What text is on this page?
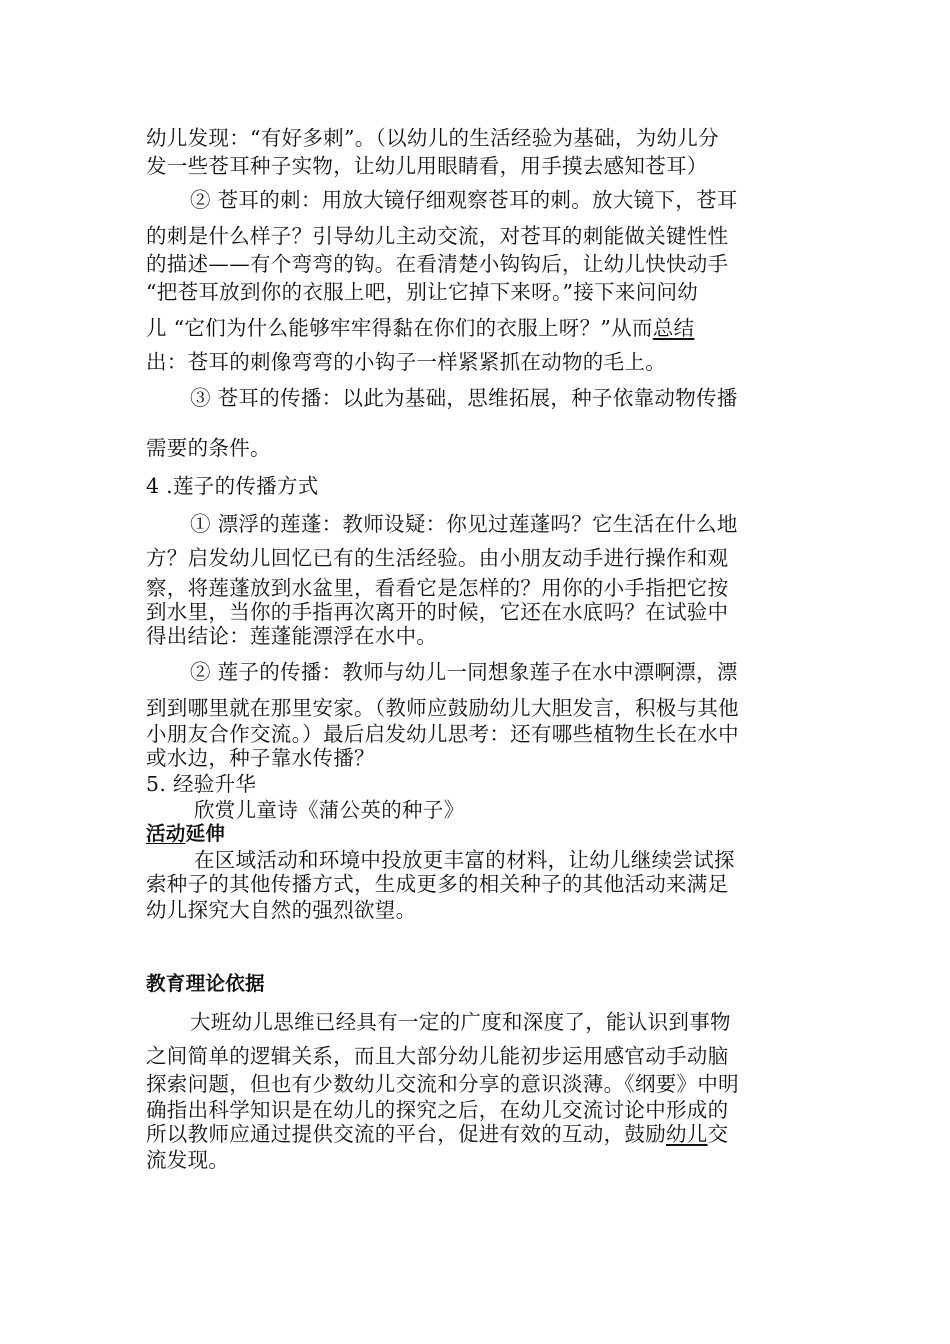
幼儿发现：“有好多刺”。（以幼儿的生活经验为基础，为幼儿分
发一些苍耳种子实物，让幼儿用眼睛看，用手摸去感知苍耳）
② 苍耳的刺：用放大镜仔细观察苍耳的刺。放大镜下，苍耳
的刺是什么样子？引导幼儿主动交流，对苍耳的刺能做关键性性
的描述——有个弯弯的钩。在看清楚小钩钩后，让幼儿快快动手
“把苍耳放到你的衣服上吧，别让它掉下来呀。”接下来问问幼
儿 “它们为什么能够牢牢得黏在你们的衣服上呀？”从而总结
出：苍耳的刺像弯弯的小钩子一样紧紧抓在动物的毛上。
③ 苍耳的传播：以此为基础，思维拓展，种子依靠动物传播
需要的条件。
4 .莲子的传播方式
① 漂浮的莲蓬：教师设疑：你见过莲蓬吗？它生活在什么地
方？启发幼儿回忆已有的生活经验。由小朋友动手进行操作和观
察，将莲蓬放到水盆里，看看它是怎样的？用你的小手指把它按
到水里，当你的手指再次离开的时候，它还在水底吗？在试验中
得出结论：莲蓬能漂浮在水中。
② 莲子的传播：教师与幼儿一同想象莲子在水中漂啊漂，漂
到到哪里就在那里安家。（教师应鼓励幼儿大胆发言，积极与其他
小朋友合作交流。）最后启发幼儿思考：还有哪些植物生长在水中
或水边，种子靠水传播？
5. 经验升华
欣赏儿童诗《蒲公英的种子》
活动延伸
在区域活动和环境中投放更丰富的材料，让幼儿继续尝试探
索种子的其他传播方式，生成更多的相关种子的其他活动来满足
幼儿探究大自然的强烈欲望。
教育理论依据
大班幼儿思维已经具有一定的广度和深度了，能认识到事物
之间简单的逻辑关系，而且大部分幼儿能初步运用感官动手动脑
探索问题，但也有少数幼儿交流和分享的意识淡薄。《纲要》中明
确指出科学知识是在幼儿的探究之后，在幼儿交流讨论中形成的
所以教师应通过提供交流的平台，促进有效的互动，鼓励幼儿交
流发现。
